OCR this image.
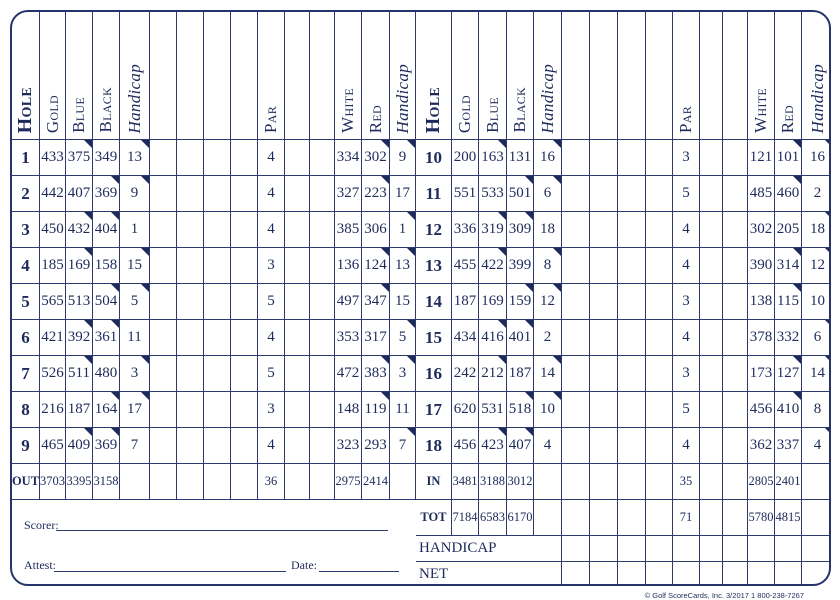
Hole Gold Blue Black Handicap	Par	White Red Handicap
1 433 375 349 13	4	334 302 9
2 442 407 369 9	4	327 223 17
3 450 432 404 1	4	385 306 1
4 185 169 158 15	3	136 124 13
5 565 513 504 5	5	497 347 15
6 421 392 361 11	4	353 317 5
7 526 511 480 3	5	472 383 3
8 216 187 164 17	3	148 119 11
9 465 409 369 7	4	323 293 7
OUT 3703 3395 3158	36	2975 2414
Hole Gold Blue Black Handicap	Par	White Red Handicap
10 200 163 131 16	3	121 101 16
11 551 533 501 6	5	485 460 2
12 336 319 309 18	4	302 205 18
13 455 422 399 8	4	390 314 12
14 187 169 159 12	3	138 115 10
15 434 416 401 2	4	378 332 6
16 242 212 187 14	3	173 127 14
17 620 531 518 10	5	456 410 8
18 456 423 407 4	4	362 337 4
IN 3481 3188 3012	35	2805 2401
TOT 7184 6583 6170	71	5780 4815
HANDICAP
NET
Scorer:
Attest:	Date:
© Golf ScoreCards, Inc. 3/2017 1 800-238-7267
